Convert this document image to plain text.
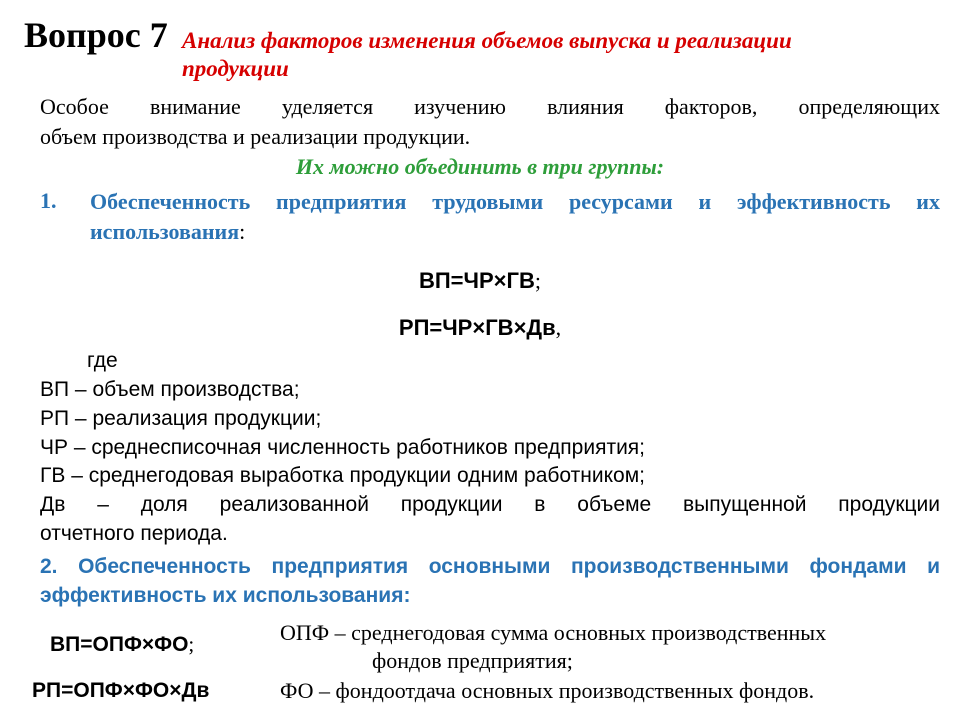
Вопрос 7 Анализ факторов изменения объемов выпуска и реализации
продукции
Особое внимание уделяется изучению влияния факторов, определяющих
объем производства и реализации продукции.
Их можно объединить в три группы:
1. Обеспеченность предприятия трудовыми ресурсами и эффективность их использования:
ВП=ЧР×ГВ;
РП=ЧР×ГВ×Дв,
где
ВП – объем производства;
РП – реализация продукции;
ЧР – среднесписочная численность работников предприятия;
ГВ – среднегодовая выработка продукции одним работником;
Дв – доля реализованной продукции в объеме выпущенной продукции
отчетного периода.
2. Обеспеченность предприятия основными производственными фондами и эффективность их использования:
ВП=ОПФ×ФО;
РП=ОПФ×ФО×Дв
ОПФ – среднегодовая сумма основных производственных
фондов предприятия;
ФО – фондоотдача основных производственных фондов.
